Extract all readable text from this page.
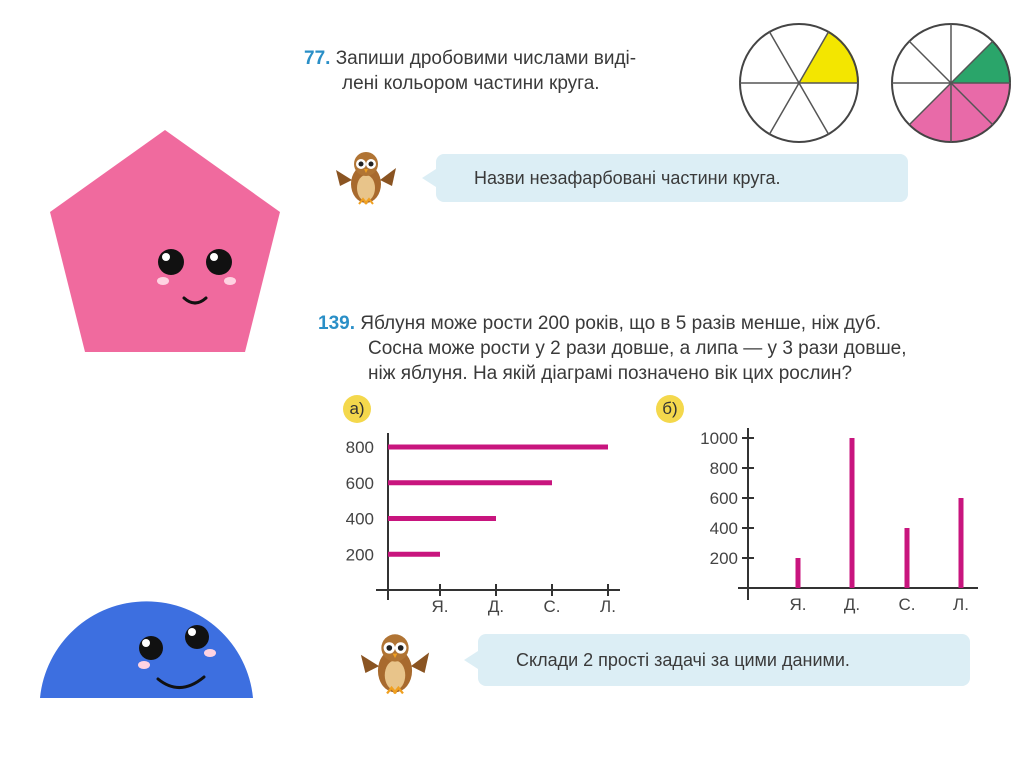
77. Запиши дробовими числами виді-
лені кольором частини круга.
Назви незафарбовані частини круга.
139. Яблуня може рости 200 років, що в 5 разів менше, ніж дуб.
Сосна може рости у 2 рази довше, а липа — у 3 рази довше,
ніж яблуня. На якій діаграмі позначено вік цих рослин?
а)	б)
200
400
600
800
Я. Д. С. Л.
200
400
600
800
1000
Я. Д. С. Л.
Склади 2 прості задачі за цими даними.
